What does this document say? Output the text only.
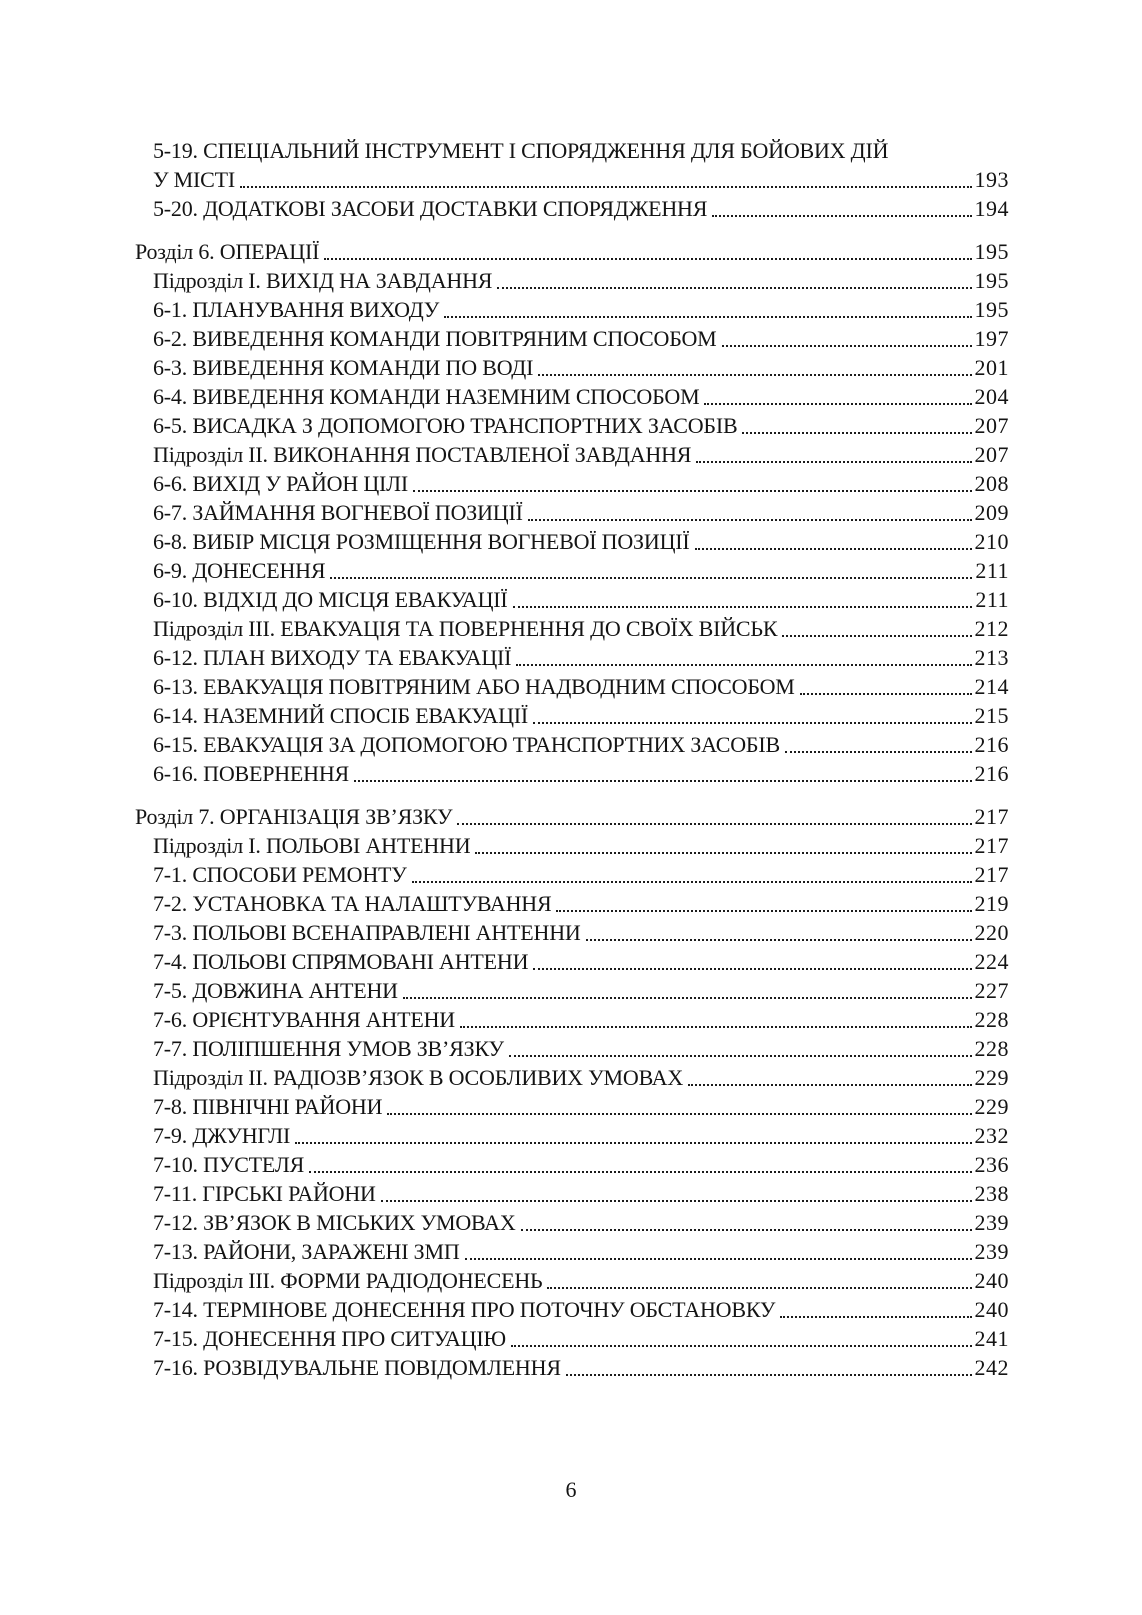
5-19. СПЕЦІАЛЬНИЙ ІНСТРУМЕНТ І СПОРЯДЖЕННЯ ДЛЯ БОЙОВИХ ДІЙ
У МІСТІ	193
5-20. ДОДАТКОВІ ЗАСОБИ ДОСТАВКИ СПОРЯДЖЕННЯ	194
Розділ 6. ОПЕРАЦІЇ	195
Підрозділ І. ВИХІД НА ЗАВДАННЯ	195
6-1. ПЛАНУВАННЯ ВИХОДУ	195
6-2. ВИВЕДЕННЯ КОМАНДИ ПОВІТРЯНИМ СПОСОБОМ	197
6-3. ВИВЕДЕННЯ КОМАНДИ ПО ВОДІ	201
6-4. ВИВЕДЕННЯ КОМАНДИ НАЗЕМНИМ СПОСОБОМ	204
6-5. ВИСАДКА З ДОПОМОГОЮ ТРАНСПОРТНИХ ЗАСОБІВ	207
Підрозділ ІІ. ВИКОНАННЯ ПОСТАВЛЕНОЇ ЗАВДАННЯ	207
6-6. ВИХІД У РАЙОН ЦІЛІ	208
6-7. ЗАЙМАННЯ ВОГНЕВОЇ ПОЗИЦІЇ	209
6-8. ВИБІР МІСЦЯ РОЗМІЩЕННЯ ВОГНЕВОЇ ПОЗИЦІЇ	210
6-9. ДОНЕСЕННЯ	211
6-10. ВІДХІД ДО МІСЦЯ ЕВАКУАЦІЇ	211
Підрозділ ІІІ. ЕВАКУАЦІЯ ТА ПОВЕРНЕННЯ ДО СВОЇХ ВІЙСЬК	212
6-12. ПЛАН ВИХОДУ ТА ЕВАКУАЦІЇ	213
6-13. ЕВАКУАЦІЯ ПОВІТРЯНИМ АБО НАДВОДНИМ СПОСОБОМ	214
6-14. НАЗЕМНИЙ СПОСІБ ЕВАКУАЦІЇ	215
6-15. ЕВАКУАЦІЯ ЗА ДОПОМОГОЮ ТРАНСПОРТНИХ ЗАСОБІВ	216
6-16. ПОВЕРНЕННЯ	216
Розділ 7. ОРГАНІЗАЦІЯ ЗВ’ЯЗКУ	217
Підрозділ І. ПОЛЬОВІ АНТЕННИ	217
7-1. СПОСОБИ РЕМОНТУ	217
7-2. УСТАНОВКА ТА НАЛАШТУВАННЯ	219
7-3. ПОЛЬОВІ ВСЕНАПРАВЛЕНІ АНТЕННИ	220
7-4. ПОЛЬОВІ СПРЯМОВАНІ АНТЕНИ	224
7-5. ДОВЖИНА АНТЕНИ	227
7-6. ОРІЄНТУВАННЯ АНТЕНИ	228
7-7. ПОЛІПШЕННЯ УМОВ ЗВ’ЯЗКУ	228
Підрозділ ІІ. РАДІОЗВ’ЯЗОК В ОСОБЛИВИХ УМОВАХ	229
7-8. ПІВНІЧНІ РАЙОНИ	229
7-9. ДЖУНГЛІ	232
7-10. ПУСТЕЛЯ	236
7-11. ГІРСЬКІ РАЙОНИ	238
7-12. ЗВ’ЯЗОК В МІСЬКИХ УМОВАХ	239
7-13. РАЙОНИ, ЗАРАЖЕНІ ЗМП	239
Підрозділ ІІІ. ФОРМИ РАДІОДОНЕСЕНЬ	240
7-14. ТЕРМІНОВЕ ДОНЕСЕННЯ ПРО ПОТОЧНУ ОБСТАНОВКУ	240
7-15. ДОНЕСЕННЯ ПРО СИТУАЦІЮ	241
7-16. РОЗВІДУВАЛЬНЕ ПОВІДОМЛЕННЯ	242
6
